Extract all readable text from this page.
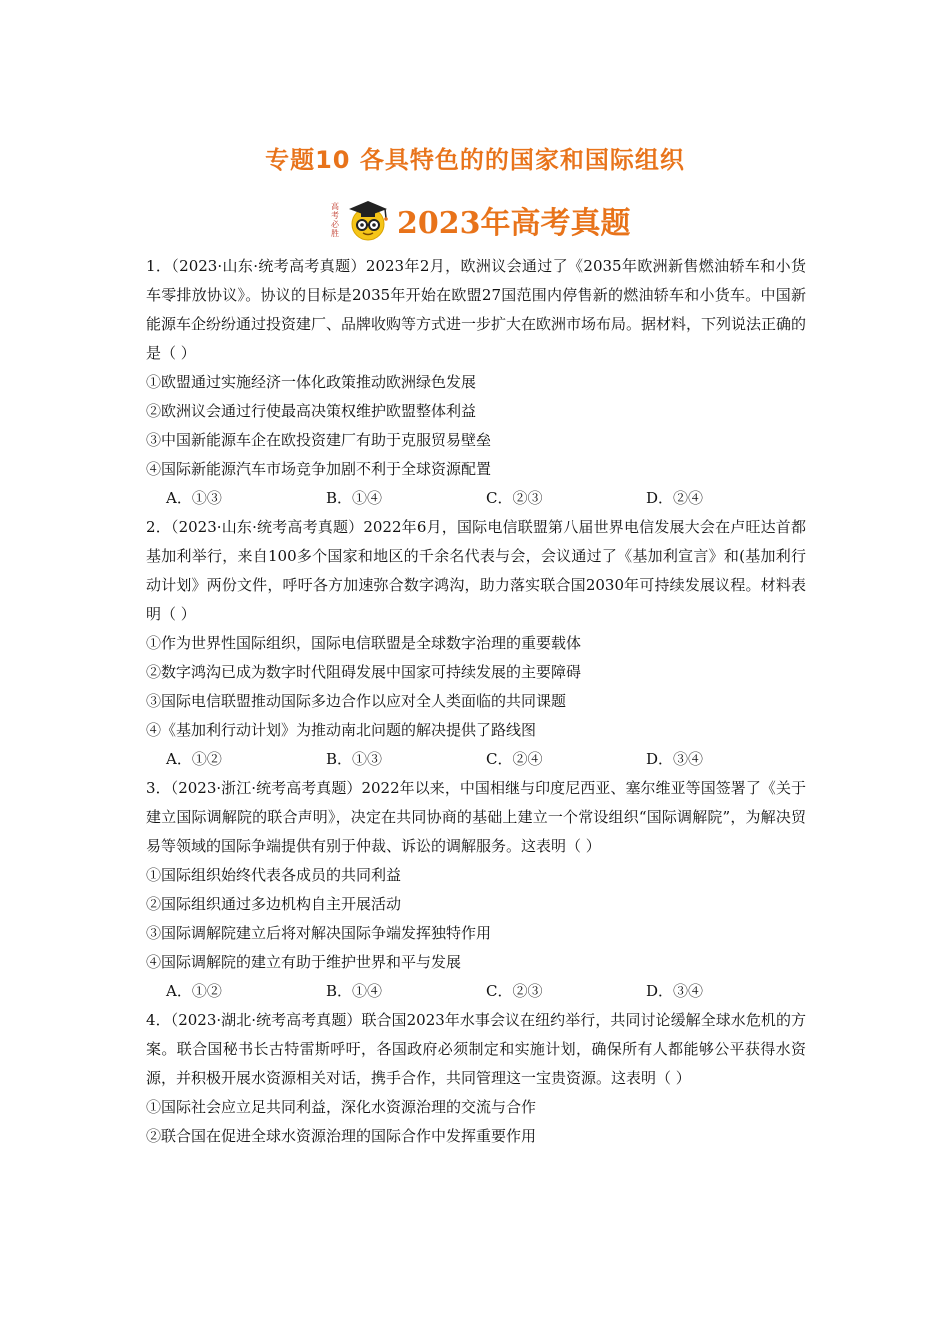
专题10 各具特色的的国家和国际组织
高考必胜 2023年高考真题

1．（2023·山东·统考高考真题）2023年2月，欧洲议会通过了《2035年欧洲新售燃油轿车和小货车零排放协议》。协议的目标是2035年开始在欧盟27国范围内停售新的燃油轿车和小货车。中国新能源车企纷纷通过投资建厂、品牌收购等方式进一步扩大在欧洲市场布局。据材料，下列说法正确的是（ ）

①欧盟通过实施经济一体化政策推动欧洲绿色发展

②欧洲议会通过行使最高决策权维护欧盟整体利益

③中国新能源车企在欧投资建厂有助于克服贸易壁垒

④国际新能源汽车市场竞争加剧不利于全球资源配置

A．①③	B．①④	C．②③	D．②④

2．（2023·山东·统考高考真题）2022年6月，国际电信联盟第八届世界电信发展大会在卢旺达首都基加利举行，来自100多个国家和地区的千余名代表与会，会议通过了《基加利宣言》和(基加利行动计划》两份文件，呼吁各方加速弥合数字鸿沟，助力落实联合国2030年可持续发展议程。材料表明（ ）

①作为世界性国际组织，国际电信联盟是全球数字治理的重要载体

②数字鸿沟已成为数字时代阻碍发展中国家可持续发展的主要障碍

③国际电信联盟推动国际多边合作以应对全人类面临的共同课题

④《基加利行动计划》为推动南北问题的解决提供了路线图

A．①②	B．①③	C．②④	D．③④

3．（2023·浙江·统考高考真题）2022年以来，中国相继与印度尼西亚、塞尔维亚等国签署了《关于建立国际调解院的联合声明》，决定在共同协商的基础上建立一个常设组织“国际调解院”，为解决贸易等领域的国际争端提供有别于仲裁、诉讼的调解服务。这表明（ ）

①国际组织始终代表各成员的共同利益

②国际组织通过多边机构自主开展活动

③国际调解院建立后将对解决国际争端发挥独特作用

④国际调解院的建立有助于维护世界和平与发展

A．①②	B．①④	C．②③	D．③④

4．（2023·湖北·统考高考真题）联合国2023年水事会议在纽约举行，共同讨论缓解全球水危机的方案。联合国秘书长古特雷斯呼吁，各国政府必须制定和实施计划，确保所有人都能够公平获得水资源，并积极开展水资源相关对话，携手合作，共同管理这一宝贵资源。这表明（ ）

①国际社会应立足共同利益，深化水资源治理的交流与合作

②联合国在促进全球水资源治理的国际合作中发挥重要作用
